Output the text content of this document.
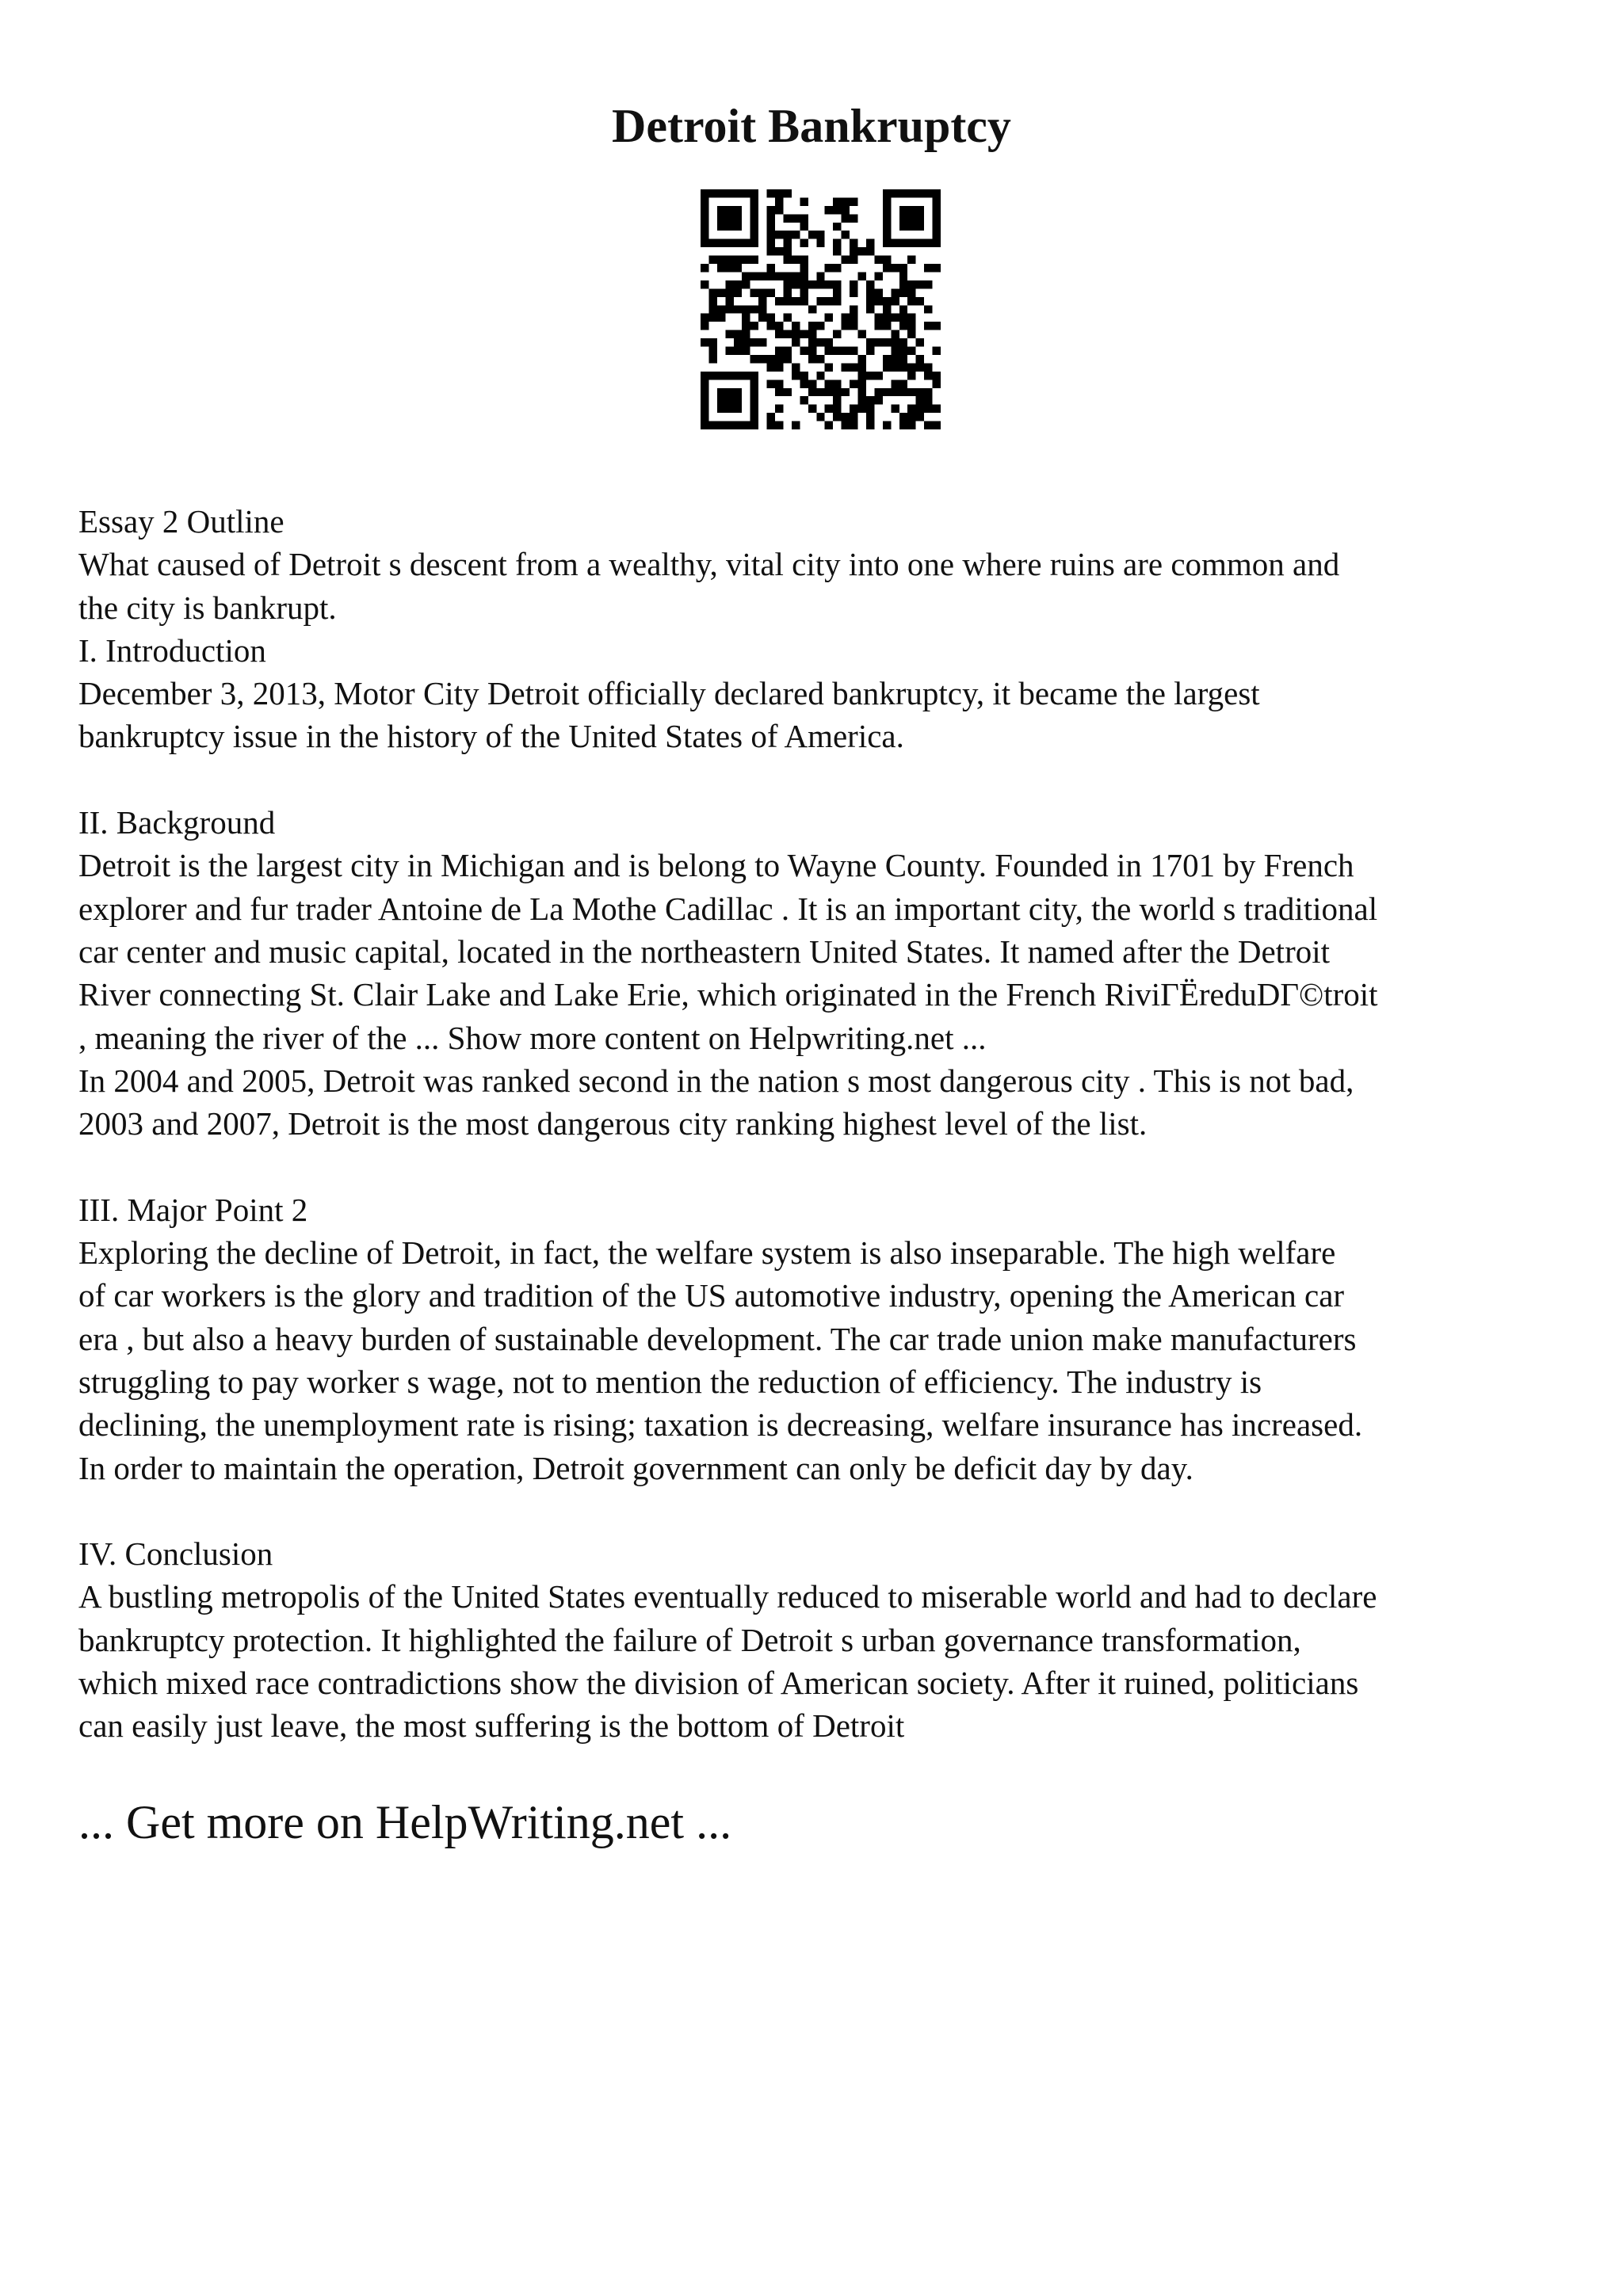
Detroit Bankruptcy
Essay 2 Outline
What caused of Detroit s descent from a wealthy, vital city into one where ruins are common and
the city is bankrupt.
I. Introduction
December 3, 2013, Motor City Detroit officially declared bankruptcy, it became the largest
bankruptcy issue in the history of the United States of America.
II. Background
Detroit is the largest city in Michigan and is belong to Wayne County. Founded in 1701 by French
explorer and fur trader Antoine de La Mothe Cadillac . It is an important city, the world s traditional
car center and music capital, located in the northeastern United States. It named after the Detroit
River connecting St. Clair Lake and Lake Erie, which originated in the French RiviГËreduDГ©troit
, meaning the river of the ... Show more content on Helpwriting.net ...
In 2004 and 2005, Detroit was ranked second in the nation s most dangerous city . This is not bad,
2003 and 2007, Detroit is the most dangerous city ranking highest level of the list.
III. Major Point 2
Exploring the decline of Detroit, in fact, the welfare system is also inseparable. The high welfare
of car workers is the glory and tradition of the US automotive industry, opening the American car
era , but also a heavy burden of sustainable development. The car trade union make manufacturers
struggling to pay worker s wage, not to mention the reduction of efficiency. The industry is
declining, the unemployment rate is rising; taxation is decreasing, welfare insurance has increased.
In order to maintain the operation, Detroit government can only be deficit day by day.
IV. Conclusion
A bustling metropolis of the United States eventually reduced to miserable world and had to declare
bankruptcy protection. It highlighted the failure of Detroit s urban governance transformation,
which mixed race contradictions show the division of American society. After it ruined, politicians
can easily just leave, the most suffering is the bottom of Detroit
... Get more on HelpWriting.net ...
